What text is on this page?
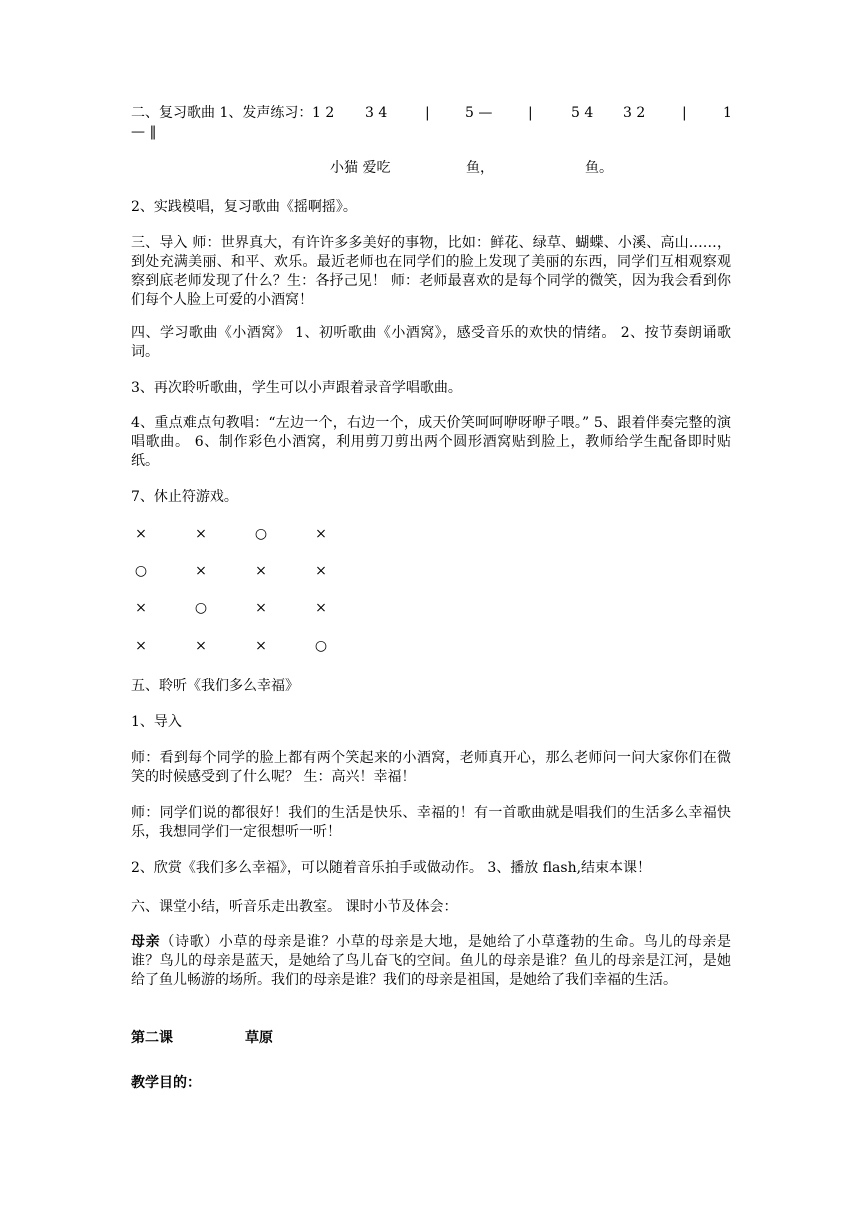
二、复习歌曲 1、发声练习： 1 2 3 4	|	5 —	|	5 4 3 2	|	1
— ‖
小猫 爱吃	鱼，	鱼。
2、实践模唱，复习歌曲《摇啊摇》。
三、导入 师：世界真大，有许许多多美好的事物，比如：鲜花、绿草、蝴蝶、小溪、高山……，到处充满美丽、和平、欢乐。最近老师也在同学们的脸上发现了美丽的东西，同学们互相观察观察到底老师发现了什么？生：各抒己见！ 师：老师最喜欢的是每个同学的微笑，因为我会看到你们每个人脸上可爱的小酒窝！
四、学习歌曲《小酒窝》 1、初听歌曲《小酒窝》，感受音乐的欢快的情绪。 2、按节奏朗诵歌词。
3、再次聆听歌曲，学生可以小声跟着录音学唱歌曲。
4、重点难点句教唱：“左边一个，右边一个，成天价笑呵呵咿呀咿子喂。” 5、跟着伴奏完整的演唱歌曲。 6、制作彩色小酒窝，利用剪刀剪出两个圆形酒窝贴到脸上，教师给学生配备即时贴纸。
7、休止符游戏。
×	×	○	×
○	×	×	×
×	○	×	×
×	×	×	○
五、聆听《我们多么幸福》
1、导入
师：看到每个同学的脸上都有两个笑起来的小酒窝，老师真开心，那么老师问一问大家你们在微笑的时候感受到了什么呢？ 生：高兴！幸福！
师：同学们说的都很好！我们的生活是快乐、幸福的！有一首歌曲就是唱我们的生活多么幸福快乐，我想同学们一定很想听一听！
2、欣赏《我们多么幸福》，可以随着音乐拍手或做动作。 3、播放 flash,结束本课！
六、课堂小结，听音乐走出教室。 课时小节及体会：
母亲（诗歌）小草的母亲是谁？小草的母亲是大地，是她给了小草蓬勃的生命。鸟儿的母亲是谁？鸟儿的母亲是蓝天，是她给了鸟儿奋飞的空间。鱼儿的母亲是谁？鱼儿的母亲是江河，是她给了鱼儿畅游的场所。我们的母亲是谁？我们的母亲是祖国，是她给了我们幸福的生活。
第二课	草原
教学目的：
